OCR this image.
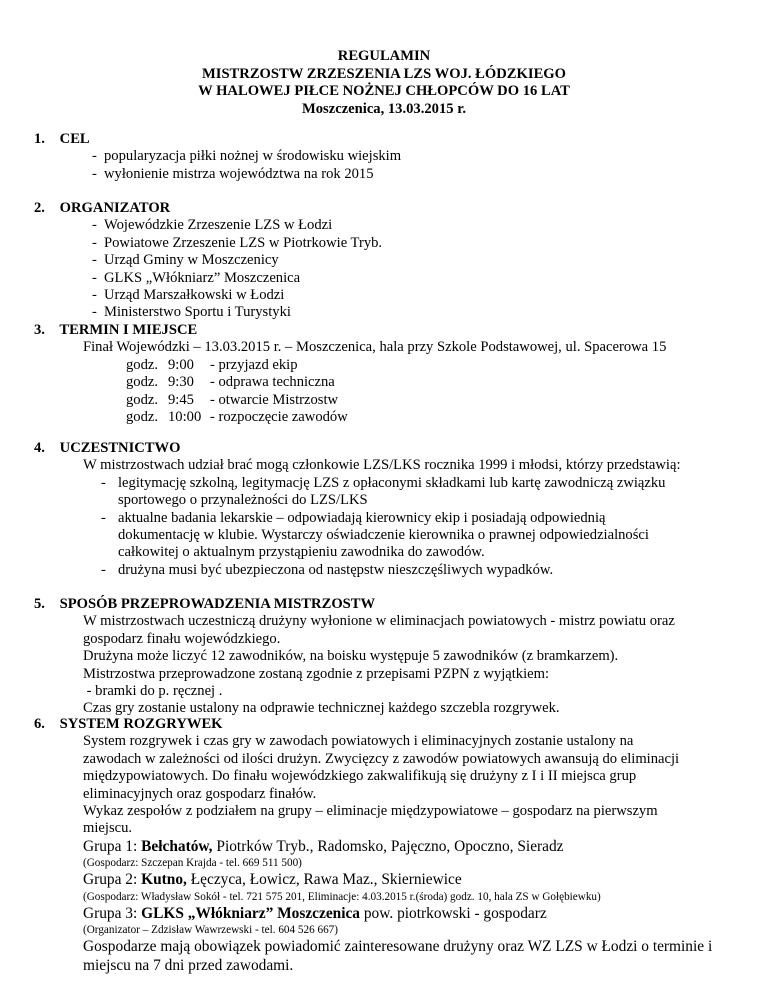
REGULAMIN
MISTRZOSTW ZRZESZENIA LZS WOJ. ŁÓDZKIEGO
W HALOWEJ PIŁCE NOŻNEJ CHŁOPCÓW DO 16 LAT
Moszczenica, 13.03.2015 r.
1. CEL
- popularyzacja piłki nożnej w środowisku wiejskim
- wyłonienie mistrza województwa na rok 2015
2. ORGANIZATOR
- Wojewódzkie Zrzeszenie LZS w Łodzi
- Powiatowe Zrzeszenie LZS w Piotrkowie Tryb.
- Urząd Gminy w Moszczenicy
- GLKS „Włókniarz” Moszczenica
- Urząd Marszałkowski w Łodzi
- Ministerstwo Sportu i Turystyki
3. TERMIN I MIEJSCE
Finał Wojewódzki – 13.03.2015 r. – Moszczenica, hala przy Szkole Podstawowej, ul. Spacerowa 15
godz. 9:00 - przyjazd ekip
godz. 9:30 - odprawa techniczna
godz. 9:45 - otwarcie Mistrzostw
godz. 10:00 - rozpoczęcie zawodów
4. UCZESTNICTWO
W mistrzostwach udział brać mogą członkowie LZS/LKS rocznika 1999 i młodsi, którzy przedstawią:
- legitymację szkolną, legitymację LZS z opłaconymi składkami lub kartę zawodniczą związku
sportowego o przynależności do LZS/LKS
- aktualne badania lekarskie – odpowiadają kierownicy ekip i posiadają odpowiednią
dokumentację w klubie. Wystarczy oświadczenie kierownika o prawnej odpowiedzialności
całkowitej o aktualnym przystąpieniu zawodnika do zawodów.
- drużyna musi być ubezpieczona od następstw nieszczęśliwych wypadków.
5. SPOSÓB PRZEPROWADZENIA MISTRZOSTW
W mistrzostwach uczestniczą drużyny wyłonione w eliminacjach powiatowych - mistrz powiatu oraz
gospodarz finału wojewódzkiego.
Drużyna może liczyć 12 zawodników, na boisku występuje 5 zawodników (z bramkarzem).
Mistrzostwa przeprowadzone zostaną zgodnie z przepisami PZPN z wyjątkiem:
- bramki do p. ręcznej .
Czas gry zostanie ustalony na odprawie technicznej każdego szczebla rozgrywek.
6. SYSTEM ROZGRYWEK
System rozgrywek i czas gry w zawodach powiatowych i eliminacyjnych zostanie ustalony na
zawodach w zależności od ilości drużyn. Zwycięzcy z zawodów powiatowych awansują do eliminacji
międzypowiatowych. Do finału wojewódzkiego zakwalifikują się drużyny z I i II miejsca grup
eliminacyjnych oraz gospodarz finałów.
Wykaz zespołów z podziałem na grupy – eliminacje międzypowiatowe – gospodarz na pierwszym
miejscu.
Grupa 1: Bełchatów, Piotrków Tryb., Radomsko, Pajęczno, Opoczno, Sieradz
(Gospodarz: Szczepan Krajda - tel. 669 511 500)
Grupa 2: Kutno, Łęczyca, Łowicz, Rawa Maz., Skierniewice
(Gospodarz: Władysław Sokół - tel. 721 575 201, Eliminacje: 4.03.2015 r.(środa) godz. 10, hala ZS w Gołębiewku)
Grupa 3: GLKS „Włókniarz” Moszczenica pow. piotrkowski - gospodarz
(Organizator – Zdzisław Wawrzewski - tel. 604 526 667)
Gospodarze mają obowiązek powiadomić zainteresowane drużyny oraz WZ LZS w Łodzi o terminie i
miejscu na 7 dni przed zawodami.
